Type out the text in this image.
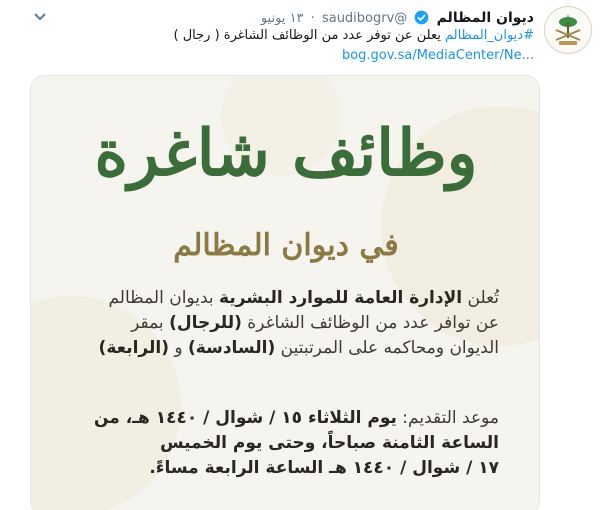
ديوان المظالم  @saudibogrv · ١٣ يونيو
#ديوان_المظالم يعلن عن توفر عدد من الوظائف الشاغرة ( رجال )
bog.gov.sa/MediaCenter/Ne...
وظائف شاغرة
في ديوان المظالم
تُعلن الإدارة العامة للموارد البشرية بديوان المظالم
عن توافر عدد من الوظائف الشاغرة (للرجال) بمقر
الديوان ومحاكمه على المرتبتين (السادسة) و (الرابعة)
موعد التقديم: يوم الثلاثاء ١٥ / شوال / ١٤٤٠ هـ، من
الساعة الثامنة صباحاً، وحتى يوم الخميس
١٧ / شوال / ١٤٤٠ هـ الساعة الرابعة مساءً.
